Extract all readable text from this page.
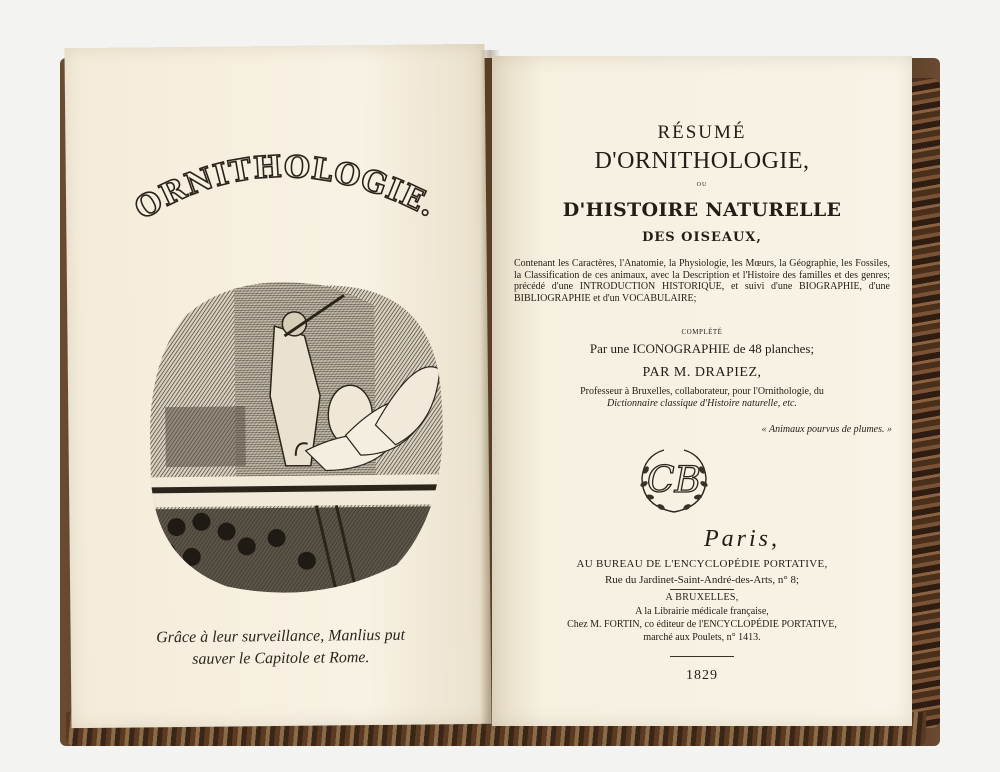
ORNITHOLOGIE.
Grâce à leur surveillance, Manlius put
sauver le Capitole et Rome.
RÉSUMÉ
D'ORNITHOLOGIE,
OU
D'HISTOIRE NATURELLE
DES OISEAUX,
Contenant les Caractères, l'Anatomie, la Physiologie, les Mœurs, la Géographie, les Fossiles, la Classification de ces animaux, avec la Description et l'Histoire des familles et des genres; précédé d'une INTRODUCTION HISTORIQUE, et suivi d'une BIOGRAPHIE, d'une BIBLIOGRAPHIE et d'un VOCABULAIRE;
COMPLÉTÉ
Par une ICONOGRAPHIE de 48 planches;
PAR M. DRAPIEZ,
Professeur à Bruxelles, collaborateur, pour l'Ornithologie, du
Dictionnaire classique d'Histoire naturelle, etc.
« Animaux pourvus de plumes. »
CB
Paris,
AU BUREAU DE L'ENCYCLOPÉDIE PORTATIVE,
Rue du Jardinet-Saint-André-des-Arts, n° 8;
A BRUXELLES,
A la Librairie médicale française,
Chez M. FORTIN, co éditeur de l'ENCYCLOPÉDIE PORTATIVE,
marché aux Poulets, n° 1413.
1829
